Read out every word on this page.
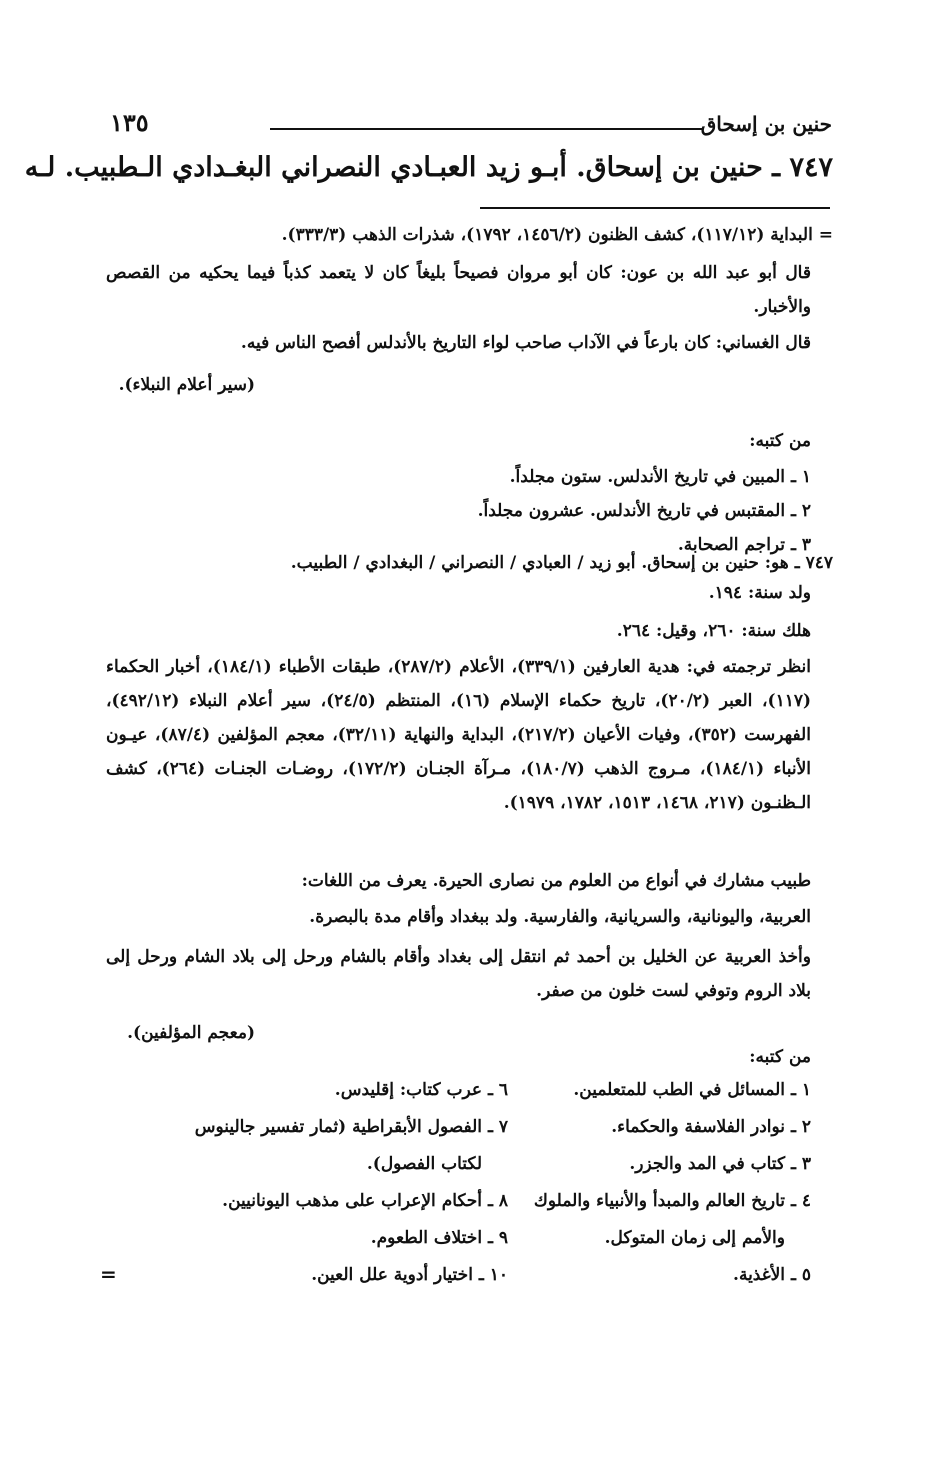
حنين بن إسحاق
١٣٥
٧٤٧ ـ حنين بن إسحاق. أبـو زيد العبـادي النصراني البغـدادي الـطبيب. لـه
= البداية (١١٧/١٢)، كشف الظنون (١٤٥٦/٢، ١٧٩٢)، شذرات الذهب (٣٣٣/٣).
قال أبو عبد الله بن عون: كان أبو مروان فصيحاً بليغاً كان لا يتعمد كذباً فيما يحكيه من القصص والأخبار.
قال الغساني: كان بارعاً في الآداب صاحب لواء التاريخ بالأندلس أفصح الناس فيه.
(سير أعلام النبلاء).
من كتبه:
١ ـ المبين في تاريخ الأندلس. ستون مجلداً.
٢ ـ المقتبس في تاريخ الأندلس. عشرون مجلداً.
٣ ـ تراجم الصحابة.
٧٤٧ ـ هو: حنين بن إسحاق. أبو زيد / العبادي / النصراني / البغدادي / الطبيب.
ولد سنة: ١٩٤.
هلك سنة: ٢٦٠، وقيل: ٢٦٤.
انظر ترجمته في: هدية العارفين (٣٣٩/١)، الأعلام (٢٨٧/٢)، طبقات الأطباء (١٨٤/١)، أخبار الحكماء (١١٧)، العبر (٢٠/٢)، تاريخ حكماء الإسلام (١٦)، المنتظم (٢٤/٥)، سير أعلام النبلاء (٤٩٢/١٢)، الفهرست (٣٥٢)، وفيات الأعيان (٢١٧/٢)، البداية والنهاية (٣٢/١١)، معجم المؤلفين (٨٧/٤)، عيـون الأنباء (١٨٤/١)، مـروج الذهب (١٨٠/٧)، مـرآة الجنـان (١٧٢/٢)، روضـات الجنـات (٢٦٤)، كشف الـظنـون (٢١٧، ١٤٦٨، ١٥١٣، ١٧٨٢، ١٩٧٩).
طبيب مشارك في أنواع من العلوم من نصارى الحيرة. يعرف من اللغات:
العربية، واليونانية، والسريانية، والفارسية. ولد ببغداد وأقام مدة بالبصرة.
وأخذ العربية عن الخليل بن أحمد ثم انتقل إلى بغداد وأقام بالشام ورحل إلى بلاد الشام ورحل إلى بلاد الروم وتوفي لست خلون من صفر.
(معجم المؤلفين).
من كتبه:
١ ـ المسائل في الطب للمتعلمين.
٢ ـ نوادر الفلاسفة والحكماء.
٣ ـ كتاب في المد والجزر.
٤ ـ تاريخ العالم والمبدأ والأنبياء والملوك
والأمم إلى زمان المتوكل.
٥ ـ الأغذية.
٦ ـ عرب كتاب: إقليدس.
٧ ـ الفصول الأبقراطية (ثمار تفسير جالينوس
لكتاب الفصول).
٨ ـ أحكام الإعراب على مذهب اليونانيين.
٩ ـ اختلاف الطعوم.
١٠ ـ اختيار أدوية علل العين.
=
